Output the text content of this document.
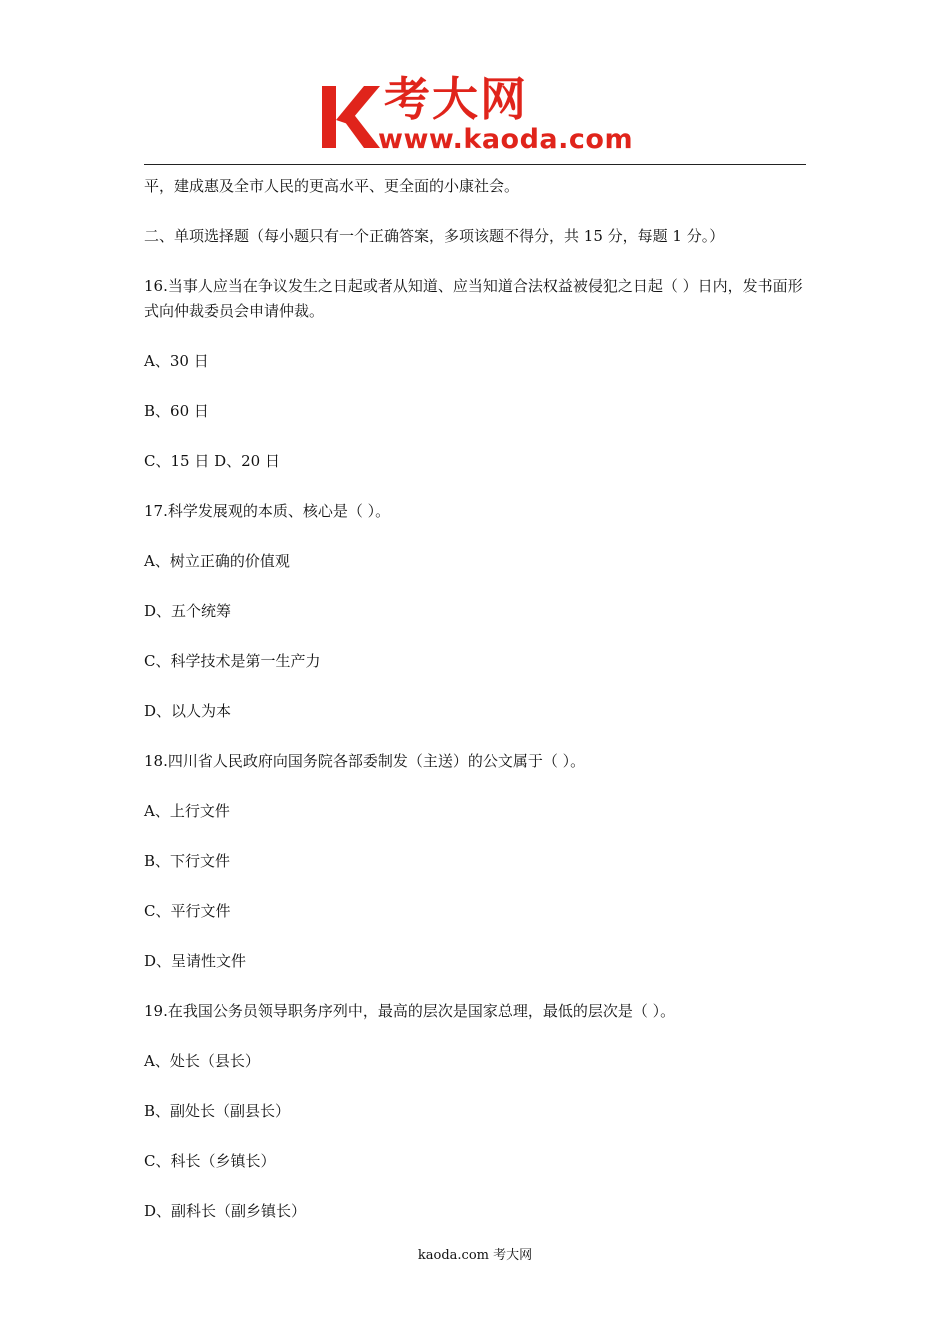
考大网
www.kaoda.com

平，建成惠及全市人民的更高水平、更全面的小康社会。

二、单项选择题（每小题只有一个正确答案，多项该题不得分，共 15 分，每题 1 分。）

16.当事人应当在争议发生之日起或者从知道、应当知道合法权益被侵犯之日起（ ）日内，发书面形式向仲裁委员会申请仲裁。

A、30 日

B、60 日

C、15 日 D、20 日

17.科学发展观的本质、核心是（ ）。

A、树立正确的价值观

D、五个统筹

C、科学技术是第一生产力

D、以人为本

18.四川省人民政府向国务院各部委制发（主送）的公文属于（ ）。

A、上行文件

B、下行文件

C、平行文件

D、呈请性文件

19.在我国公务员领导职务序列中，最高的层次是国家总理，最低的层次是（ ）。

A、处长（县长）

B、副处长（副县长）

C、科长（乡镇长）

D、副科长（副乡镇长）

kaoda.com 考大网
